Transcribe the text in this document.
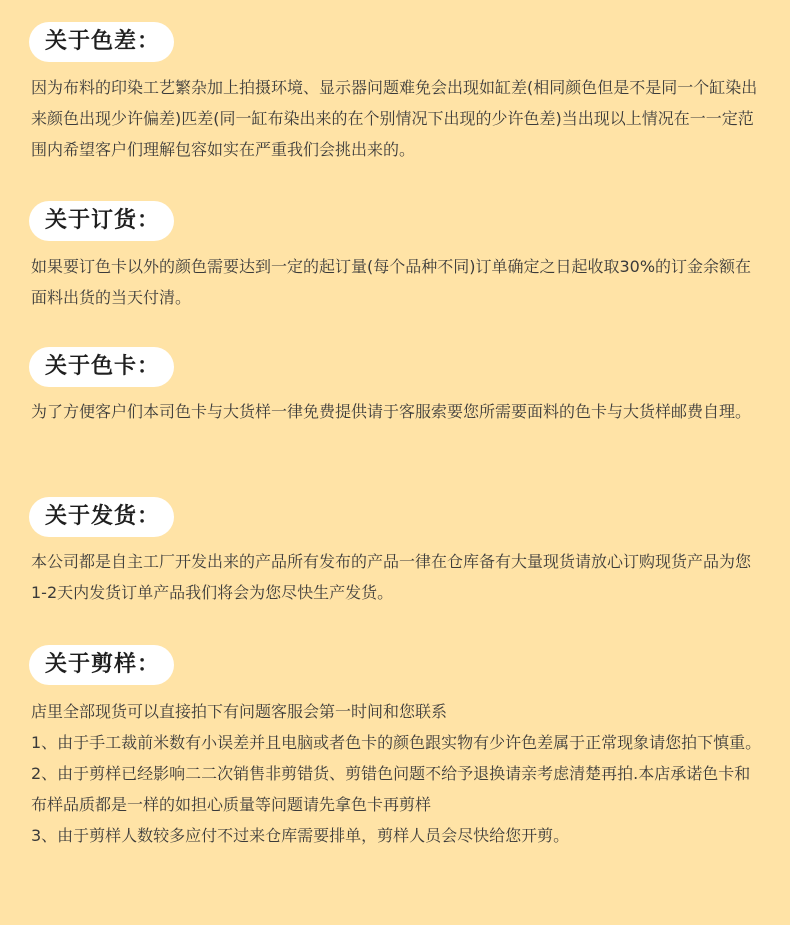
关于色差：

因为布料的印染工艺繁杂加上拍摄环境、显示器问题难免会出现如缸差(相同颜色但是不是同一个缸染出来颜色出现少许偏差)匹差(同一缸布染出来的在个别情况下出现的少许色差)当出现以上情况在一一定范围内希望客户们理解包容如实在严重我们会挑出来的。

关于订货：

如果要订色卡以外的颜色需要达到一定的起订量(每个品种不同)订单确定之日起收取30%的订金余额在面料出货的当天付清。

关于色卡：

为了方便客户们本司色卡与大货样一律免费提供请于客服索要您所需要面料的色卡与大货样邮费自理。

关于发货：

本公司都是自主工厂开发出来的产品所有发布的产品一律在仓库备有大量现货请放心订购现货产品为您1-2天内发货订单产品我们将会为您尽快生产发货。

关于剪样：

店里全部现货可以直接拍下有问题客服会第一时间和您联系

1、由于手工裁前米数有小误差并且电脑或者色卡的颜色跟实物有少许色差属于正常现象请您拍下慎重。

2、由于剪样已经影响二二次销售非剪错货、剪错色问题不给予退换请亲考虑清楚再拍.本店承诺色卡和布样品质都是一样的如担心质量等问题请先拿色卡再剪样

3、由于剪样人数较多应付不过来仓库需要排单，剪样人员会尽快给您开剪。
